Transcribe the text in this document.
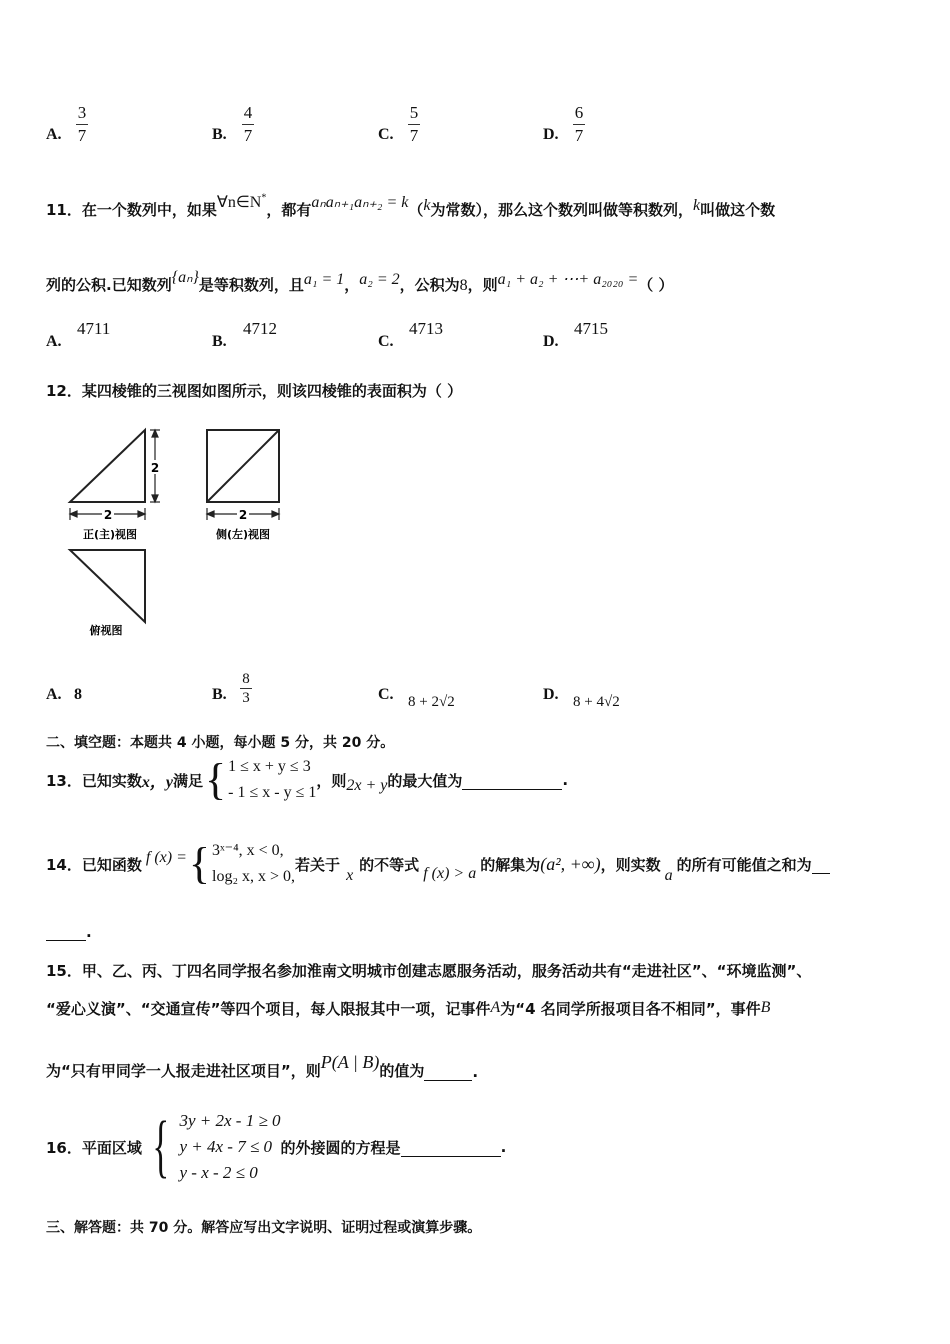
A.
3
7	B.
4
7	C.
5
7	D.
6
7
11．在一个数列中，如果∀n∈N*，都有aₙaₙ₊₁aₙ₊₂ = k（k为常数），那么这个数列叫做等积数列，k叫做这个数
列的公积.已知数列{aₙ}是等积数列，且a₁ = 1，a₂ = 2，公积为8，则a₁ + a₂ + ⋯+ a₂₀₂₀ =（ ）
A.
4711
B.
4712
C.
4713
D.
4715
12．某四棱锥的三视图如图所示，则该四棱锥的表面积为（ ）
2
2
正(主)视图
2
侧(左)视图
俯视图
A. 8	B.
8
3	C. 8 + 2√2	D. 8 + 4√2
二、填空题：本题共 4 小题，每小题 5 分，共 20 分。
13．已知实数 x，y 满足 { 1 ≤ x + y ≤ 3
- 1 ≤ x - y ≤ 1
，则 2x + y 的最大值为	.
14．已知函数 f (x) = { 3ˣ⁻⁴, x < 0,
log₂ x, x > 0,
若关于
x
的不等式 f (x) > a 的解集为 (a², +∞) ，则实数
a
的所有可能值之和为
.
15．甲、乙、丙、丁四名同学报名参加淮南文明城市创建志愿服务活动，服务活动共有“走进社区”、“环境监测”、
“爱心义演”、“交通宣传”等四个项目，每人限报其中一项，记事件A为“4 名同学所报项目各不相同”，事件B
为“只有甲同学一人报走进社区项目”，则 P(A | B) 的值为	.
16．平面区域 { 3y + 2x - 1 ≥ 0
y + 4x - 7 ≤ 0
y - x - 2 ≤ 0
的外接圆的方程是	.
三、解答题：共 70 分。解答应写出文字说明、证明过程或演算步骤。
